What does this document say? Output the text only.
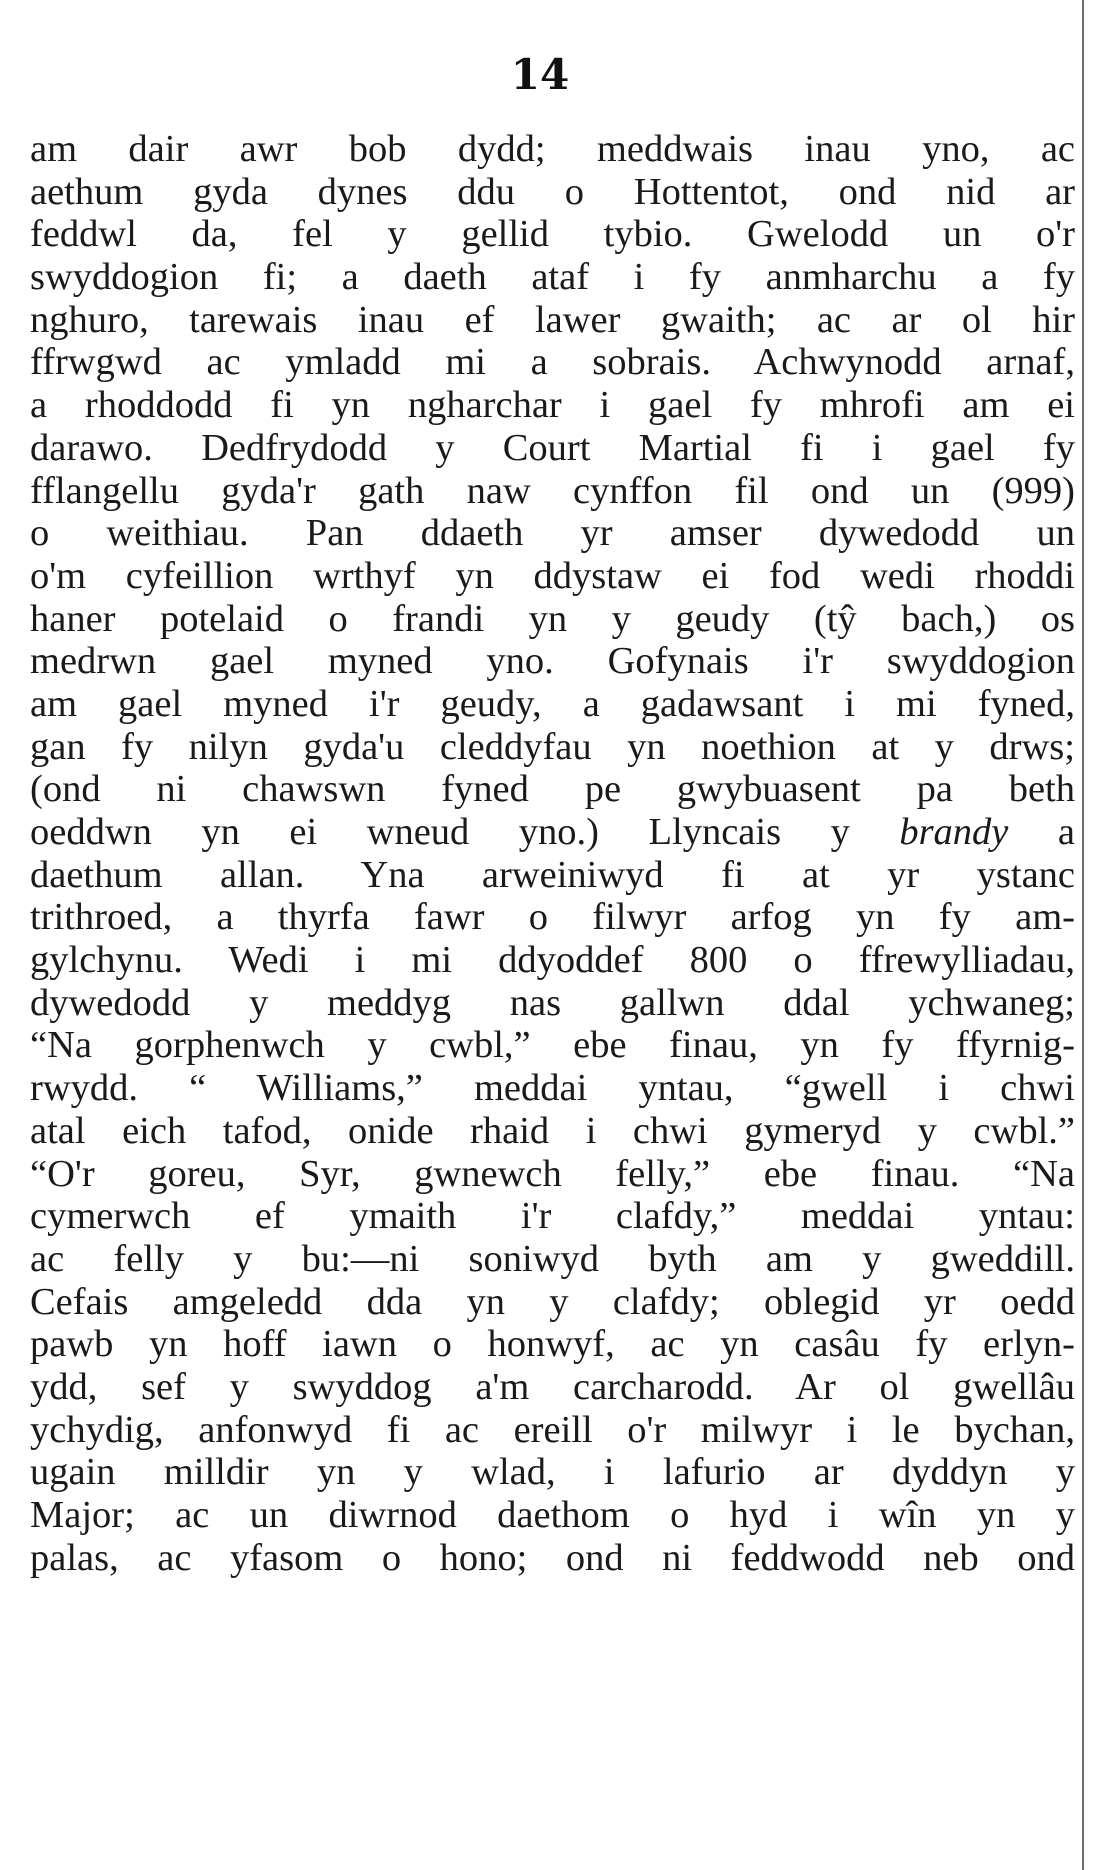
14
am dair awr bob dydd; meddwais inau yno, ac
aethum gyda dynes ddu o Hottentot, ond nid ar
feddwl da, fel y gellid tybio. Gwelodd un o'r
swyddogion fi; a daeth ataf i fy anmharchu a fy
nghuro, tarewais inau ef lawer gwaith; ac ar ol hir
ffrwgwd ac ymladd mi a sobrais. Achwynodd arnaf,
a rhoddodd fi yn ngharchar i gael fy mhrofi am ei
darawo. Dedfrydodd y Court Martial fi i gael fy
fflangellu gyda'r gath naw cynffon fil ond un (999)
o weithiau. Pan ddaeth yr amser dywedodd un
o'm cyfeillion wrthyf yn ddystaw ei fod wedi rhoddi
haner potelaid o frandi yn y geudy (tŷ bach,) os
medrwn gael myned yno. Gofynais i'r swyddogion
am gael myned i'r geudy, a gadawsant i mi fyned,
gan fy nilyn gyda'u cleddyfau yn noethion at y drws;
(ond ni chawswn fyned pe gwybuasent pa beth
oeddwn yn ei wneud yno.) Llyncais y brandy a
daethum allan. Yna arweiniwyd fi at yr ystanc
trithroed, a thyrfa fawr o filwyr arfog yn fy am-
gylchynu. Wedi i mi ddyoddef 800 o ffrewylliadau,
dywedodd y meddyg nas gallwn ddal ychwaneg;
“Na gorphenwch y cwbl,” ebe finau, yn fy ffyrnig-
rwydd. “ Williams,” meddai yntau, “gwell i chwi
atal eich tafod, onide rhaid i chwi gymeryd y cwbl.”
“O'r goreu, Syr, gwnewch felly,” ebe finau. “Na
cymerwch ef ymaith i'r clafdy,” meddai yntau:
ac felly y bu:—ni soniwyd byth am y gweddill.
Cefais amgeledd dda yn y clafdy; oblegid yr oedd
pawb yn hoff iawn o honwyf, ac yn casâu fy erlyn-
ydd, sef y swyddog a'm carcharodd. Ar ol gwellâu
ychydig, anfonwyd fi ac ereill o'r milwyr i le bychan,
ugain milldir yn y wlad, i lafurio ar dyddyn y
Major; ac un diwrnod daethom o hyd i wîn yn y
palas, ac yfasom o hono; ond ni feddwodd neb ond
